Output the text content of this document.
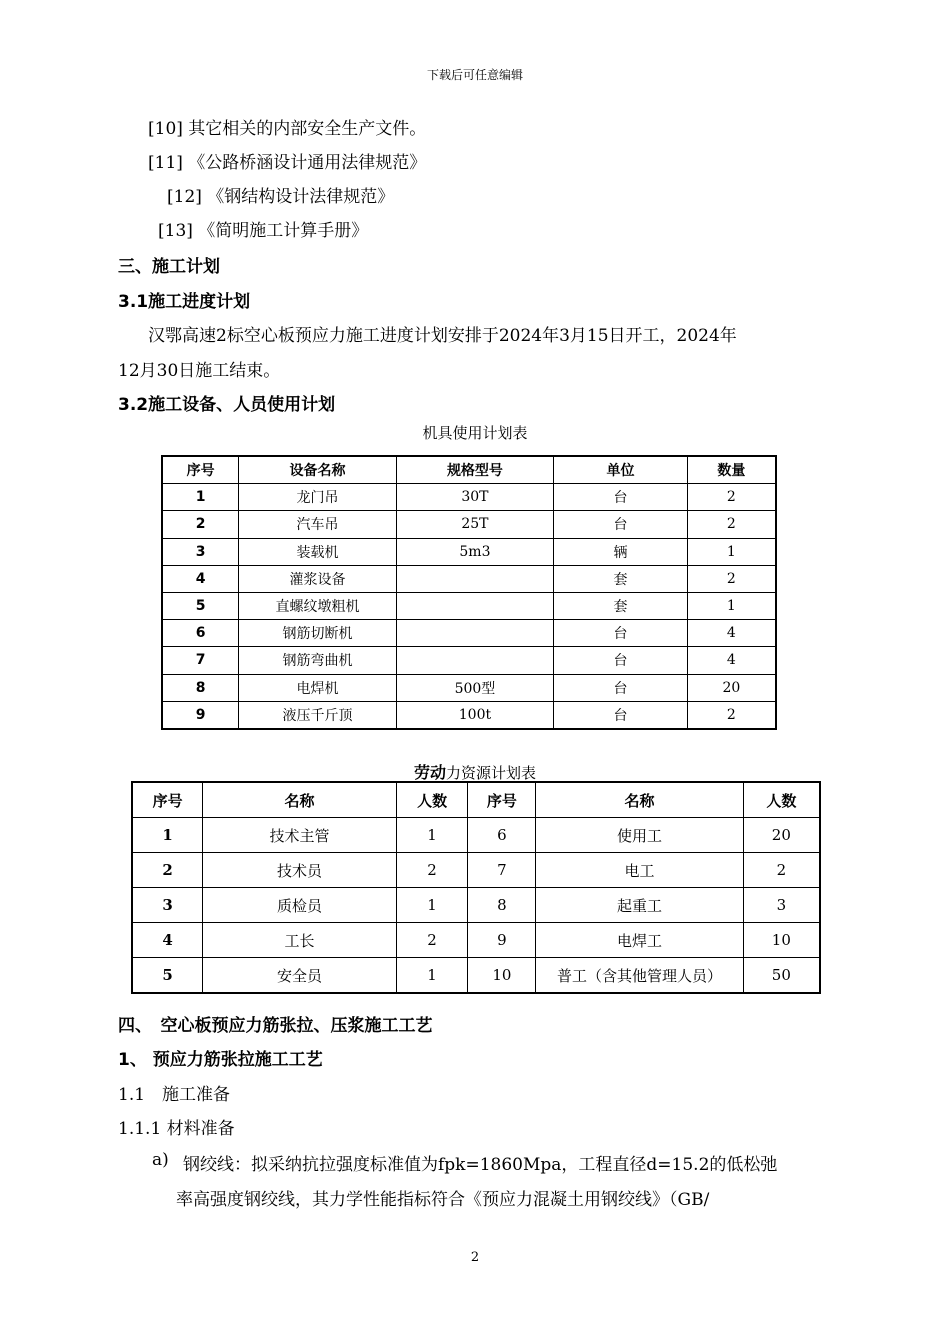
下载后可任意编辑
[10] 其它相关的内部安全生产文件。
[11] 《公路桥涵设计通用法律规范》
[12] 《钢结构设计法律规范》
[13] 《简明施工计算手册》
三、施工计划
3.1施工进度计划
汉鄂高速2标空心板预应力施工进度计划安排于2024年3月15日开工，2024年
12月30日施工结束。
3.2施工设备、人员使用计划
机具使用计划表
序号	设备名称	规格型号	单位	数量
1	龙门吊	30T	台	2
2	汽车吊	25T	台	2
3	装载机	5m3	辆	1
4	灌浆设备		套	2
5	直螺纹墩粗机		套	1
6	钢筋切断机		台	4
7	钢筋弯曲机		台	4
8	电焊机	500型	台	20
9	液压千斤顶	100t	台	2
劳动力资源计划表
序号	名称	人数	序号	名称	人数
1	技术主管	1	6	使用工	20
2	技术员	2	7	电工	2
3	质检员	1	8	起重工	3
4	工长	2	9	电焊工	10
5	安全员	1	10	普工（含其他管理人员）	50
四、　空心板预应力筋张拉、压浆施工工艺
1、 预应力筋张拉施工工艺
1.1　施工准备
1.1.1 材料准备
a) 钢绞线：拟采纳抗拉强度标准值为fpk=1860Mpa，工程直径d=15.2的低松弛
率高强度钢绞线，其力学性能指标符合《预应力混凝土用钢绞线》（GB/
2
